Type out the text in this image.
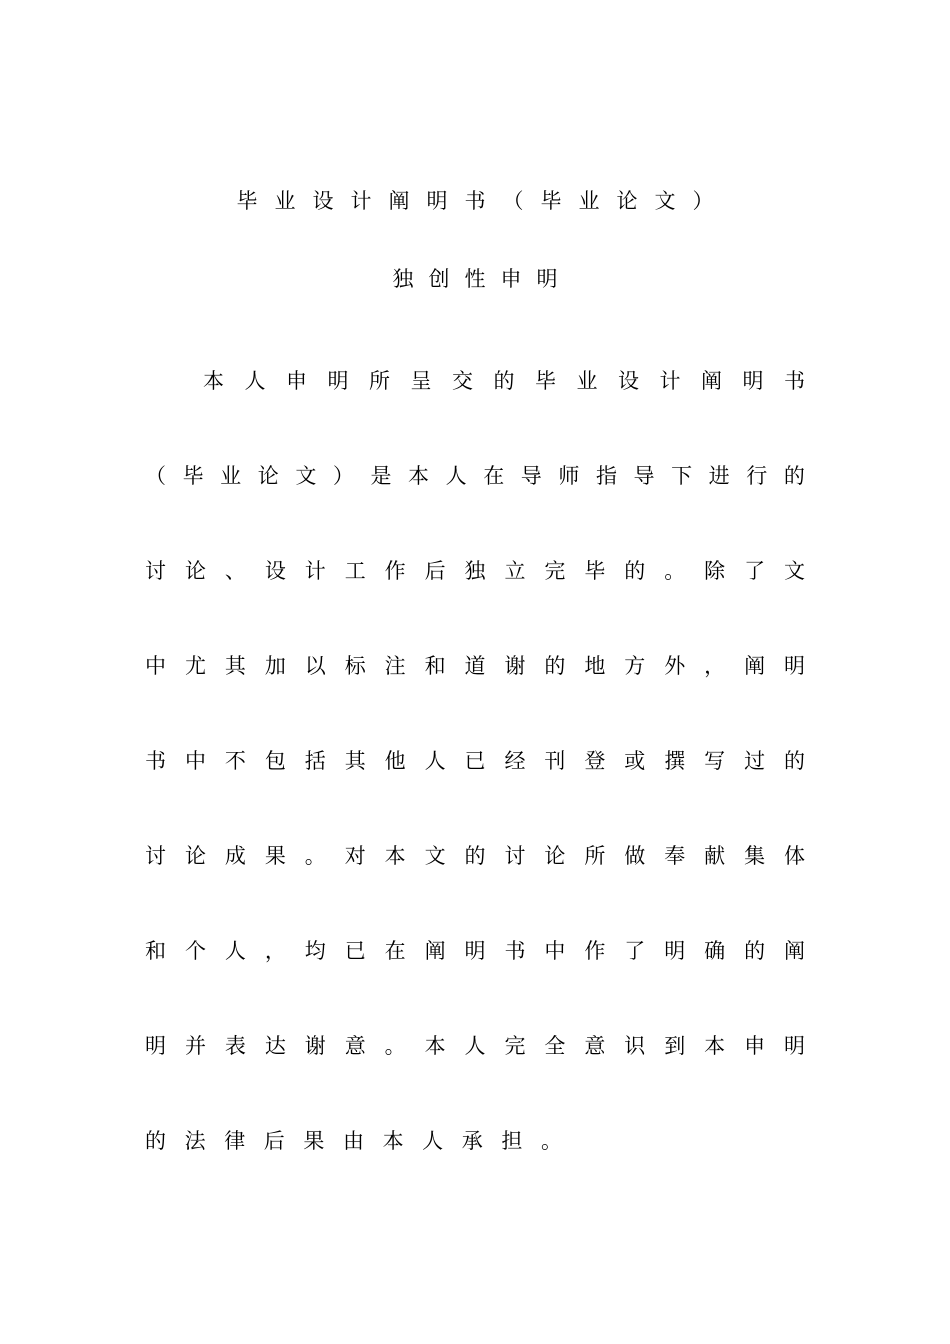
毕业设计阐明书（毕业论文）
独创性申明
本 人 申 明 所 呈 交 的 毕 业 设 计 阐 明 书
（ 毕 业 论 文 ） 是 本 人 在 导 师 指 导 下 进 行 的
讨 论 、 设 计 工 作 后 独 立 完 毕 的 。 除 了 文
中 尤 其 加 以 标 注 和 道 谢 的 地 方 外 ， 阐 明
书 中 不 包 括 其 他 人 已 经 刊 登 或 撰 写 过 的
讨 论 成 果 。 对 本 文 的 讨 论 所 做 奉 献 集 体
和 个 人 ， 均 已 在 阐 明 书 中 作 了 明 确 的 阐
明 并 表 达 谢 意 。 本 人 完 全 意 识 到 本 申 明
的 法 律 后 果 由 本 人 承 担 。
